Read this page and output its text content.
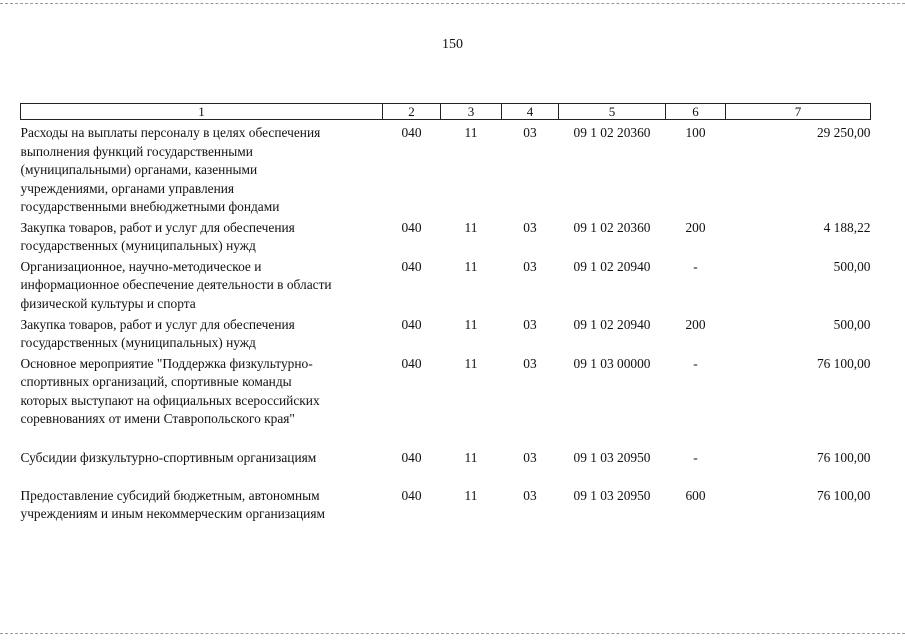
150
1	2	3	4	5	6	7

Расходы на выплаты персоналу в целях обеспечения
выполнения функций государственными
(муниципальными) органами, казенными
учреждениями, органами управления
государственными внебюджетными фондами	040	11	03	09 1 02 20360	100	29 250,00

Закупка товаров, работ и услуг для обеспечения
государственных (муниципальных) нужд	040	11	03	09 1 02 20360	200	4 188,22

Организационное, научно-методическое и
информационное обеспечение деятельности в области
физической культуры и спорта	040	11	03	09 1 02 20940	-	500,00

Закупка товаров, работ и услуг для обеспечения
государственных (муниципальных) нужд	040	11	03	09 1 02 20940	200	500,00

Основное мероприятие "Поддержка физкультурно-
спортивных организаций, спортивные команды
которых выступают на официальных всероссийских
соревнованиях от имени Ставропольского края"	040	11	03	09 1 03 00000	-	76 100,00

Субсидии физкультурно-спортивным организациям	040	11	03	09 1 03 20950	-	76 100,00

Предоставление субсидий бюджетным, автономным
учреждениям и иным некоммерческим организациям	040	11	03	09 1 03 20950	600	76 100,00
